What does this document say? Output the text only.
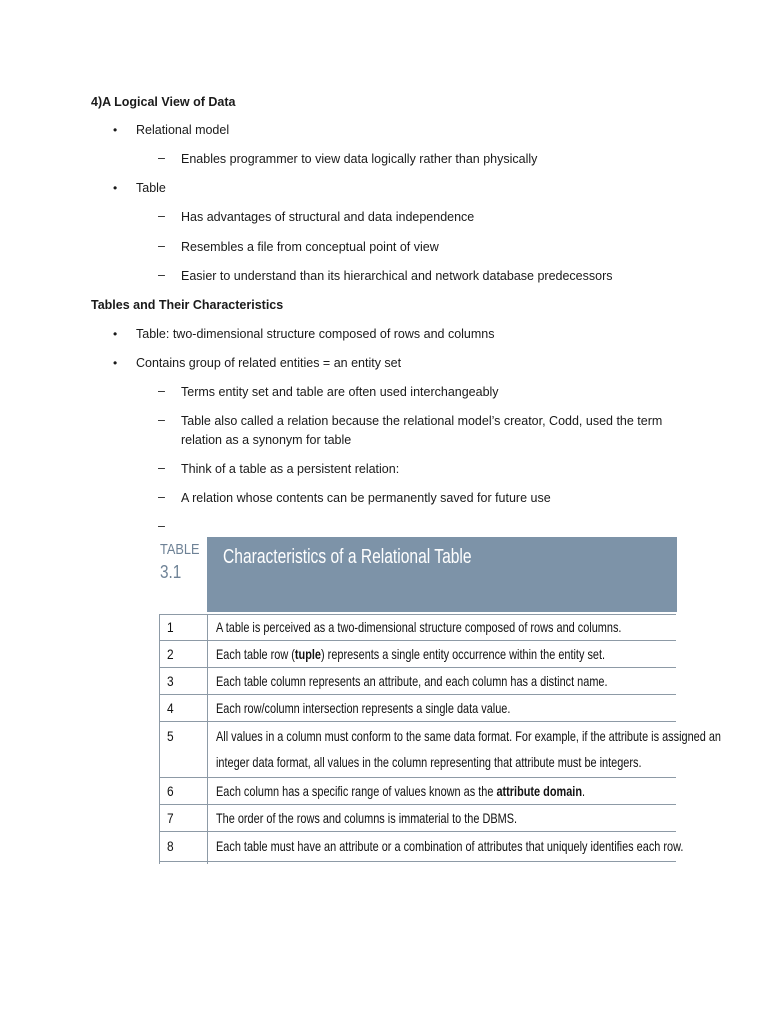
4)A Logical View of Data
• Relational model
– Enables programmer to view data logically rather than physically
• Table
– Has advantages of structural and data independence
– Resembles a file from conceptual point of view
– Easier to understand than its hierarchical and network database predecessors
Tables and Their Characteristics
• Table: two-dimensional structure composed of rows and columns
• Contains group of related entities = an entity set
– Terms entity set and table are often used interchangeably
– Table also called a relation because the relational model’s creator, Codd, used the term
relation as a synonym for table
– Think of a table as a persistent relation:
– A relation whose contents can be permanently saved for future use
–
TABLE
3.1
Characteristics of a Relational Table
1	A table is perceived as a two-dimensional structure composed of rows and columns.
2	Each table row (tuple) represents a single entity occurrence within the entity set.
3	Each table column represents an attribute, and each column has a distinct name.
4	Each row/column intersection represents a single data value.
5	All values in a column must conform to the same data format. For example, if the attribute is assigned an
integer data format, all values in the column representing that attribute must be integers.
6	Each column has a specific range of values known as the attribute domain.
7	The order of the rows and columns is immaterial to the DBMS.
8	Each table must have an attribute or a combination of attributes that uniquely identifies each row.
